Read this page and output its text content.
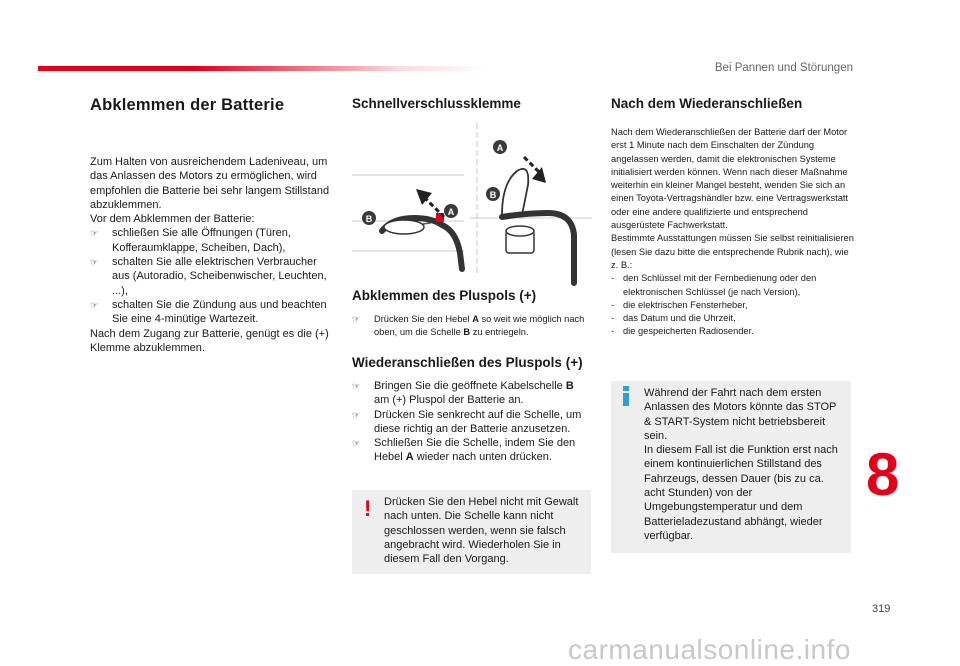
Bei Pannen und Störungen
Abklemmen der Batterie

Zum Halten von ausreichendem Ladeniveau, um das Anlassen des Motors zu ermöglichen, wird empfohlen die Batterie bei sehr langem Stillstand abzuklemmen.

Vor dem Abklemmen der Batterie:

☞ schließen Sie alle Öffnungen (Türen, Kofferaumklappe, Scheiben, Dach),
☞ schalten Sie alle elektrischen Verbraucher aus (Autoradio, Scheibenwischer, Leuchten, ...),
☞ schalten Sie die Zündung aus und beachten Sie eine 4-minütige Wartezeit.

Nach dem Zugang zur Batterie, genügt es die (+) Klemme abzuklemmen.

Schnellverschlussklemme
B
A
A
B
Abklemmen des Pluspols (+)
☞ Drücken Sie den Hebel A so weit wie möglich nach oben, um die Schelle B zu entriegeln.
Wiederanschließen des Pluspols (+)
☞ Bringen Sie die geöffnete Kabelschelle B am (+) Pluspol der Batterie an.
☞ Drücken Sie senkrecht auf die Schelle, um diese richtig an der Batterie anzusetzen.
☞ Schließen Sie die Schelle, indem Sie den Hebel A wieder nach unten drücken.
! Drücken Sie den Hebel nicht mit Gewalt nach unten. Die Schelle kann nicht geschlossen werden, wenn sie falsch angebracht wird. Wiederholen Sie in diesem Fall den Vorgang.
Nach dem Wiederanschließen

Nach dem Wiederanschließen der Batterie darf der Motor erst 1 Minute nach dem Einschalten der Zündung angelassen werden, damit die elektronischen Systeme initialisiert werden können. Wenn nach dieser Maßnahme weiterhin ein kleiner Mangel besteht, wenden Sie sich an einen Toyota-Vertragshändler bzw. eine Vertragswerkstatt oder eine andere qualifizierte und entsprechend ausgerüstete Fachwerkstatt.

Bestimmte Ausstattungen müssen Sie selbst reinitialisieren (lesen Sie dazu bitte die entsprechende Rubrik nach), wie z. B.:

- den Schlüssel mit der Fernbedienung oder den elektronischen Schlüssel (je nach Version),
- die elektrischen Fensterheber,
- das Datum und die Uhrzeit,
- die gespeicherten Radiosender.
Während der Fahrt nach dem ersten Anlassen des Motors könnte das STOP & START-System nicht betriebsbereit sein.
In diesem Fall ist die Funktion erst nach einem kontinuierlichen Stillstand des Fahrzeugs, dessen Dauer (bis zu ca. acht Stunden) von der Umgebungstemperatur und dem Batterieladezustand abhängt, wieder verfügbar.
8
319
carmanualsonline.info
